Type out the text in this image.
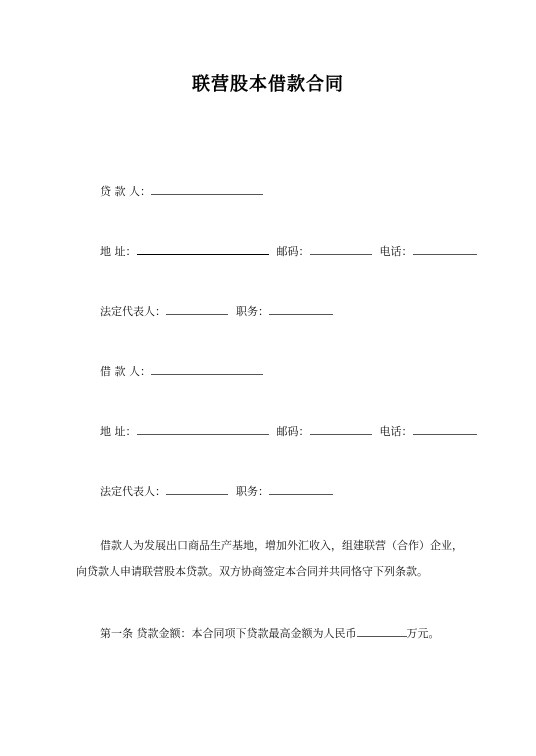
联营股本借款合同
贷 款 人：
地 址：	邮码：	电话：
法定代表人：	职务：
借 款 人：
地 址：	邮码：	电话：
法定代表人：	职务：
借款人为发展出口商品生产基地，增加外汇收入，组建联营（合作）企业，向贷款人申请联营股本贷款。双方协商签定本合同并共同恪守下列条款。
第一条 贷款金额：本合同项下贷款最高金额为人民币	万元。
